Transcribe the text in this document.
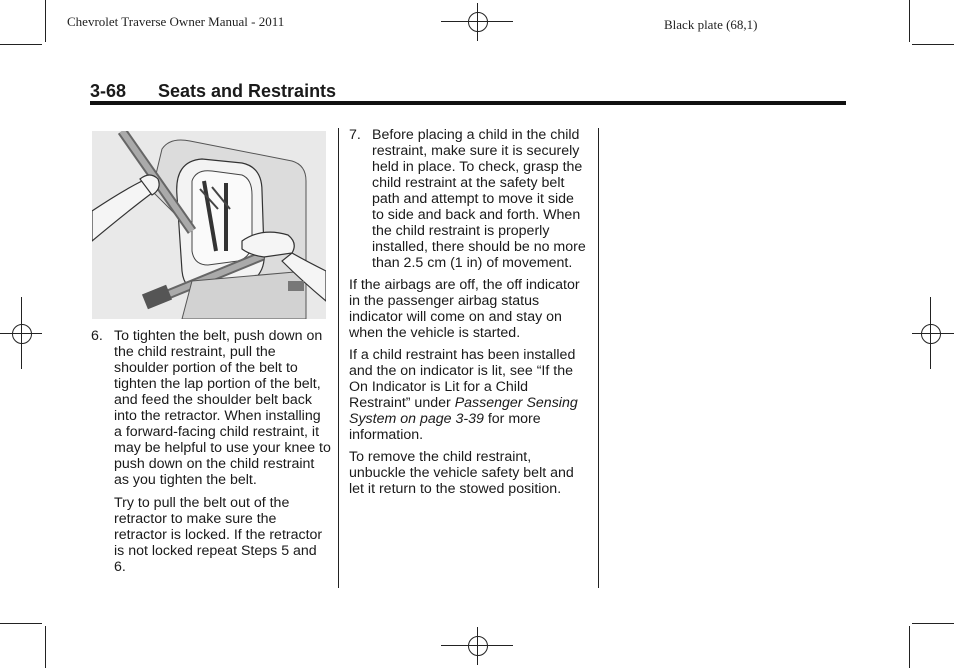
Chevrolet Traverse Owner Manual - 2011	Black plate (68,1)
3-68 Seats and Restraints
6. To tighten the belt, push down on the child restraint, pull the shoulder portion of the belt to tighten the lap portion of the belt, and feed the shoulder belt back into the retractor. When installing a forward-facing child restraint, it may be helpful to use your knee to push down on the child restraint as you tighten the belt.

Try to pull the belt out of the retractor to make sure the retractor is locked. If the retractor is not locked repeat Steps 5 and 6.

7. Before placing a child in the child restraint, make sure it is securely held in place. To check, grasp the child restraint at the safety belt path and attempt to move it side to side and back and forth. When the child restraint is properly installed, there should be no more than 2.5 cm (1 in) of movement.

If the airbags are off, the off indicator in the passenger airbag status indicator will come on and stay on when the vehicle is started.

If a child restraint has been installed and the on indicator is lit, see “If the On Indicator is Lit for a Child Restraint” under Passenger Sensing System on page 3-39 for more information.

To remove the child restraint, unbuckle the vehicle safety belt and let it return to the stowed position.
